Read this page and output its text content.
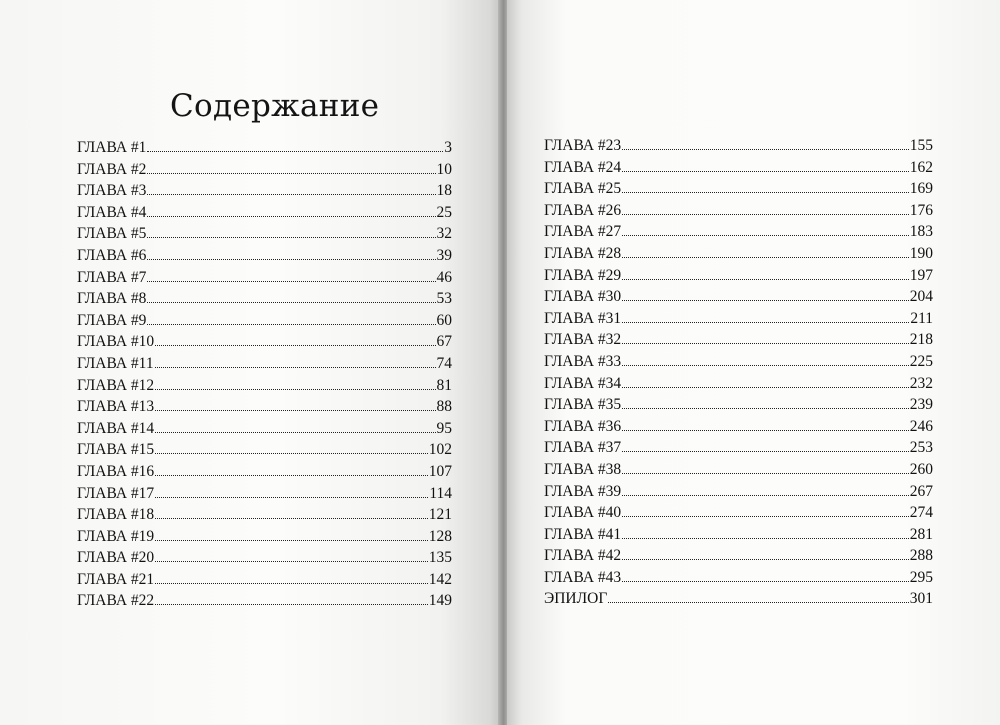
Содержание
ГЛАВА #1	3
ГЛАВА #2	10
ГЛАВА #3	18
ГЛАВА #4	25
ГЛАВА #5	32
ГЛАВА #6	39
ГЛАВА #7	46
ГЛАВА #8	53
ГЛАВА #9	60
ГЛАВА #10	67
ГЛАВА #11	74
ГЛАВА #12	81
ГЛАВА #13	88
ГЛАВА #14	95
ГЛАВА #15	102
ГЛАВА #16	107
ГЛАВА #17	114
ГЛАВА #18	121
ГЛАВА #19	128
ГЛАВА #20	135
ГЛАВА #21	142
ГЛАВА #22	149
ГЛАВА #23	155
ГЛАВА #24	162
ГЛАВА #25	169
ГЛАВА #26	176
ГЛАВА #27	183
ГЛАВА #28	190
ГЛАВА #29	197
ГЛАВА #30	204
ГЛАВА #31	211
ГЛАВА #32	218
ГЛАВА #33	225
ГЛАВА #34	232
ГЛАВА #35	239
ГЛАВА #36	246
ГЛАВА #37	253
ГЛАВА #38	260
ГЛАВА #39	267
ГЛАВА #40	274
ГЛАВА #41	281
ГЛАВА #42	288
ГЛАВА #43	295
ЭПИЛОГ	301
